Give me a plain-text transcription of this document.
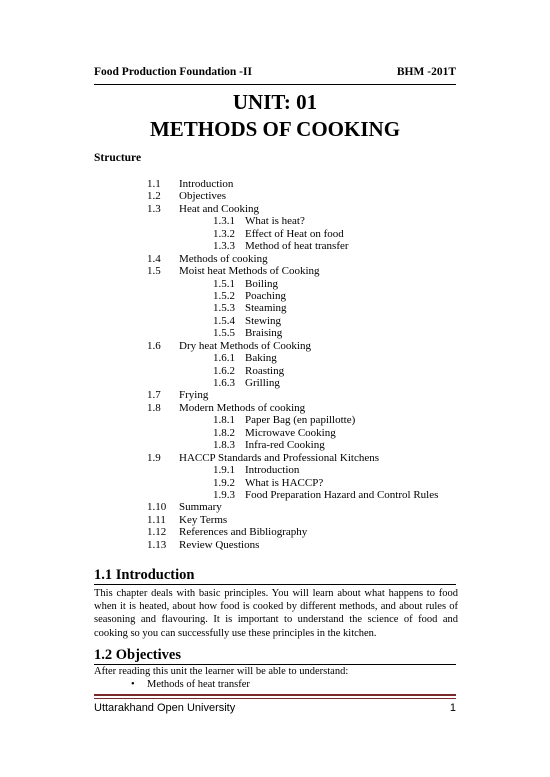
Food Production Foundation -II	BHM -201T
UNIT: 01
METHODS OF COOKING
Structure
1.1 Introduction
1.2 Objectives
1.3 Heat and Cooking
1.3.1 What is heat?
1.3.2 Effect of Heat on food
1.3.3 Method of heat transfer
1.4 Methods of cooking
1.5 Moist heat Methods of Cooking
1.5.1 Boiling
1.5.2 Poaching
1.5.3 Steaming
1.5.4 Stewing
1.5.5 Braising
1.6 Dry heat Methods of Cooking
1.6.1 Baking
1.6.2 Roasting
1.6.3 Grilling
1.7 Frying
1.8 Modern Methods of cooking
1.8.1 Paper Bag (en papillotte)
1.8.2 Microwave Cooking
1.8.3 Infra-red Cooking
1.9 HACCP Standards and Professional Kitchens
1.9.1 Introduction
1.9.2 What is HACCP?
1.9.3 Food Preparation Hazard and Control Rules
1.10 Summary
1.11 Key Terms
1.12 References and Bibliography
1.13 Review Questions
1.1 Introduction
This chapter deals with basic principles. You will learn about what happens to food when it is heated, about how food is cooked by different methods, and about rules of seasoning and flavouring. It is important to understand the science of food and cooking so you can successfully use these principles in the kitchen.
1.2 Objectives
After reading this unit the learner will be able to understand:
• Methods of heat transfer
Uttarakhand Open University	1
